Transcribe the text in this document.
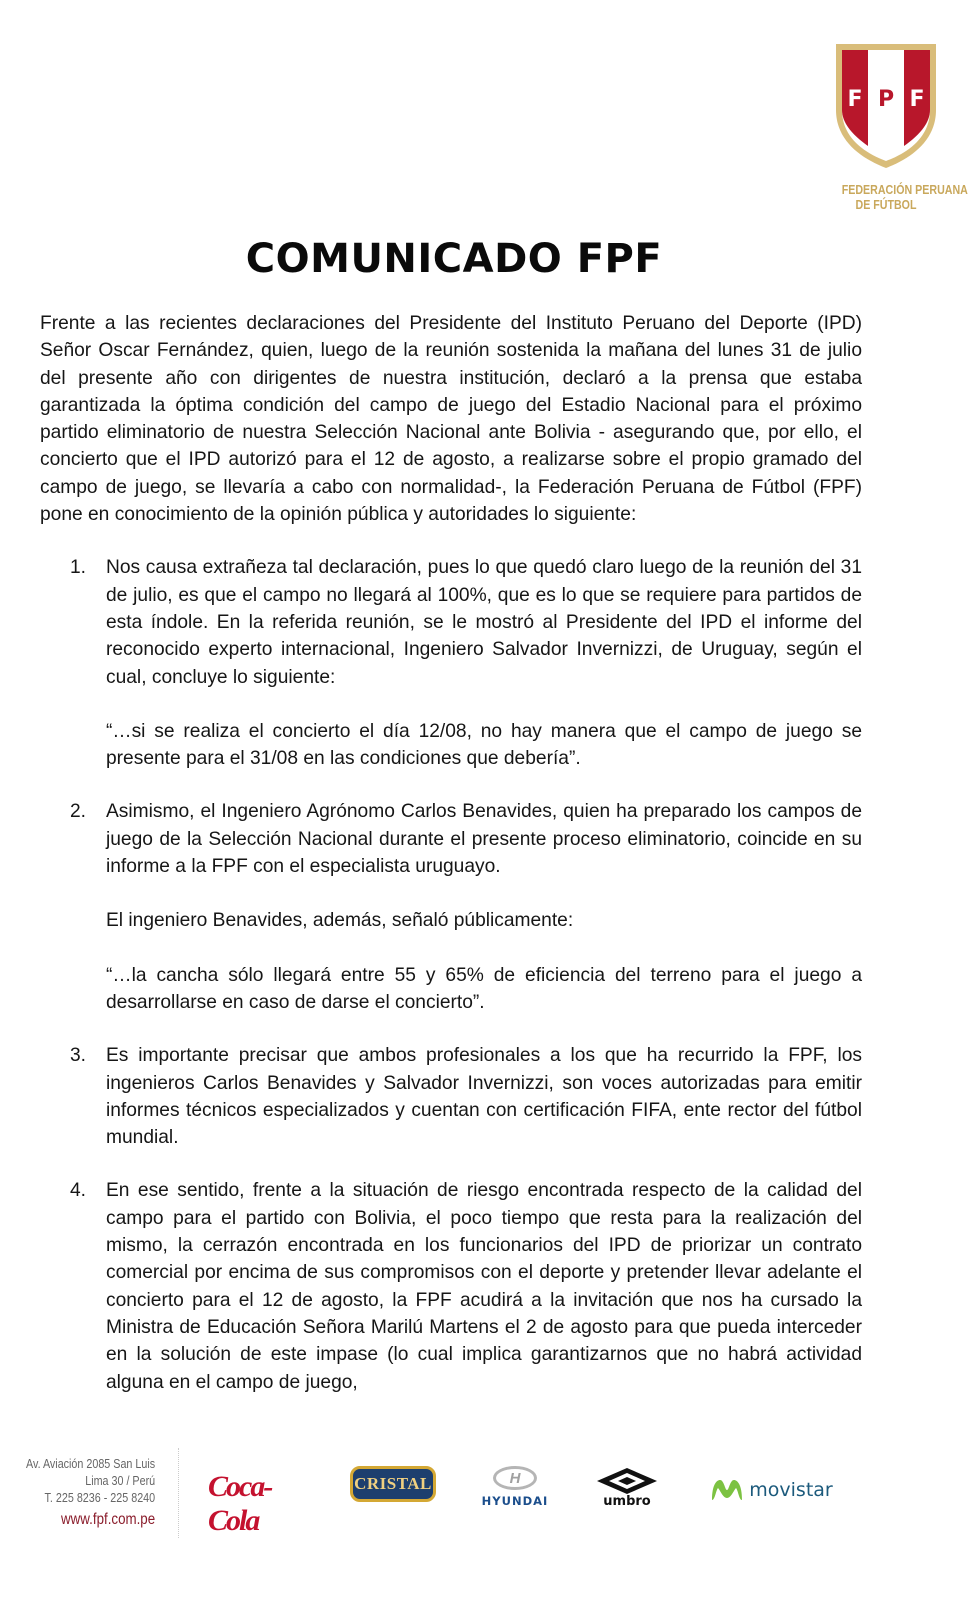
F P F
FEDERACIÓN PERUANA
DE FÚTBOL
COMUNICADO FPF

Frente a las recientes declaraciones del Presidente del Instituto Peruano del Deporte (IPD) Señor Oscar Fernández, quien, luego de la reunión sostenida la mañana del lunes 31 de julio del presente año con dirigentes de nuestra institución, declaró a la prensa que estaba garantizada la óptima condición del campo de juego del Estadio Nacional para el próximo partido eliminatorio de nuestra Selección Nacional ante Bolivia - asegurando que, por ello, el concierto que el IPD autorizó para el 12 de agosto, a realizarse sobre el propio gramado del campo de juego, se llevaría a cabo con normalidad-, la Federación Peruana de Fútbol (FPF) pone en conocimiento de la opinión pública y autoridades lo siguiente:

1. Nos causa extrañeza tal declaración, pues lo que quedó claro luego de la reunión del 31 de julio, es que el campo no llegará al 100%, que es lo que se requiere para partidos de esta índole. En la referida reunión, se le mostró al Presidente del IPD el informe del reconocido experto internacional, Ingeniero Salvador Invernizzi, de Uruguay, según el cual, concluye lo siguiente:

“…si se realiza el concierto el día 12/08, no hay manera que el campo de juego se presente para el 31/08 en las condiciones que debería”.

2. Asimismo, el Ingeniero Agrónomo Carlos Benavides, quien ha preparado los campos de juego de la Selección Nacional durante el presente proceso eliminatorio, coincide en su informe a la FPF con el especialista uruguayo.

El ingeniero Benavides, además, señaló públicamente:

“…la cancha sólo llegará entre 55 y 65% de eficiencia del terreno para el juego a desarrollarse en caso de darse el concierto”.

3. Es importante precisar que ambos profesionales a los que ha recurrido la FPF, los ingenieros Carlos Benavides y Salvador Invernizzi, son voces autorizadas para emitir informes técnicos especializados y cuentan con certificación FIFA, ente rector del fútbol mundial.

4. En ese sentido, frente a la situación de riesgo encontrada respecto de la calidad del campo para el partido con Bolivia, el poco tiempo que resta para la realización del mismo, la cerrazón encontrada en los funcionarios del IPD de priorizar un contrato comercial por encima de sus compromisos con el deporte y pretender llevar adelante el concierto para el 12 de agosto, la FPF acudirá a la invitación que nos ha cursado la Ministra de Educación Señora Marilú Martens el 2 de agosto para que pueda interceder en la solución de este impase (lo cual implica garantizarnos que no habrá actividad alguna en el campo de juego,

Av. Aviación 2085 San Luis
Lima 30 / Perú
T. 225 8236 - 225 8240
www.fpf.com.pe
Coca-Cola
CRISTAL	H
HYUNDAI	umbro
movistar
